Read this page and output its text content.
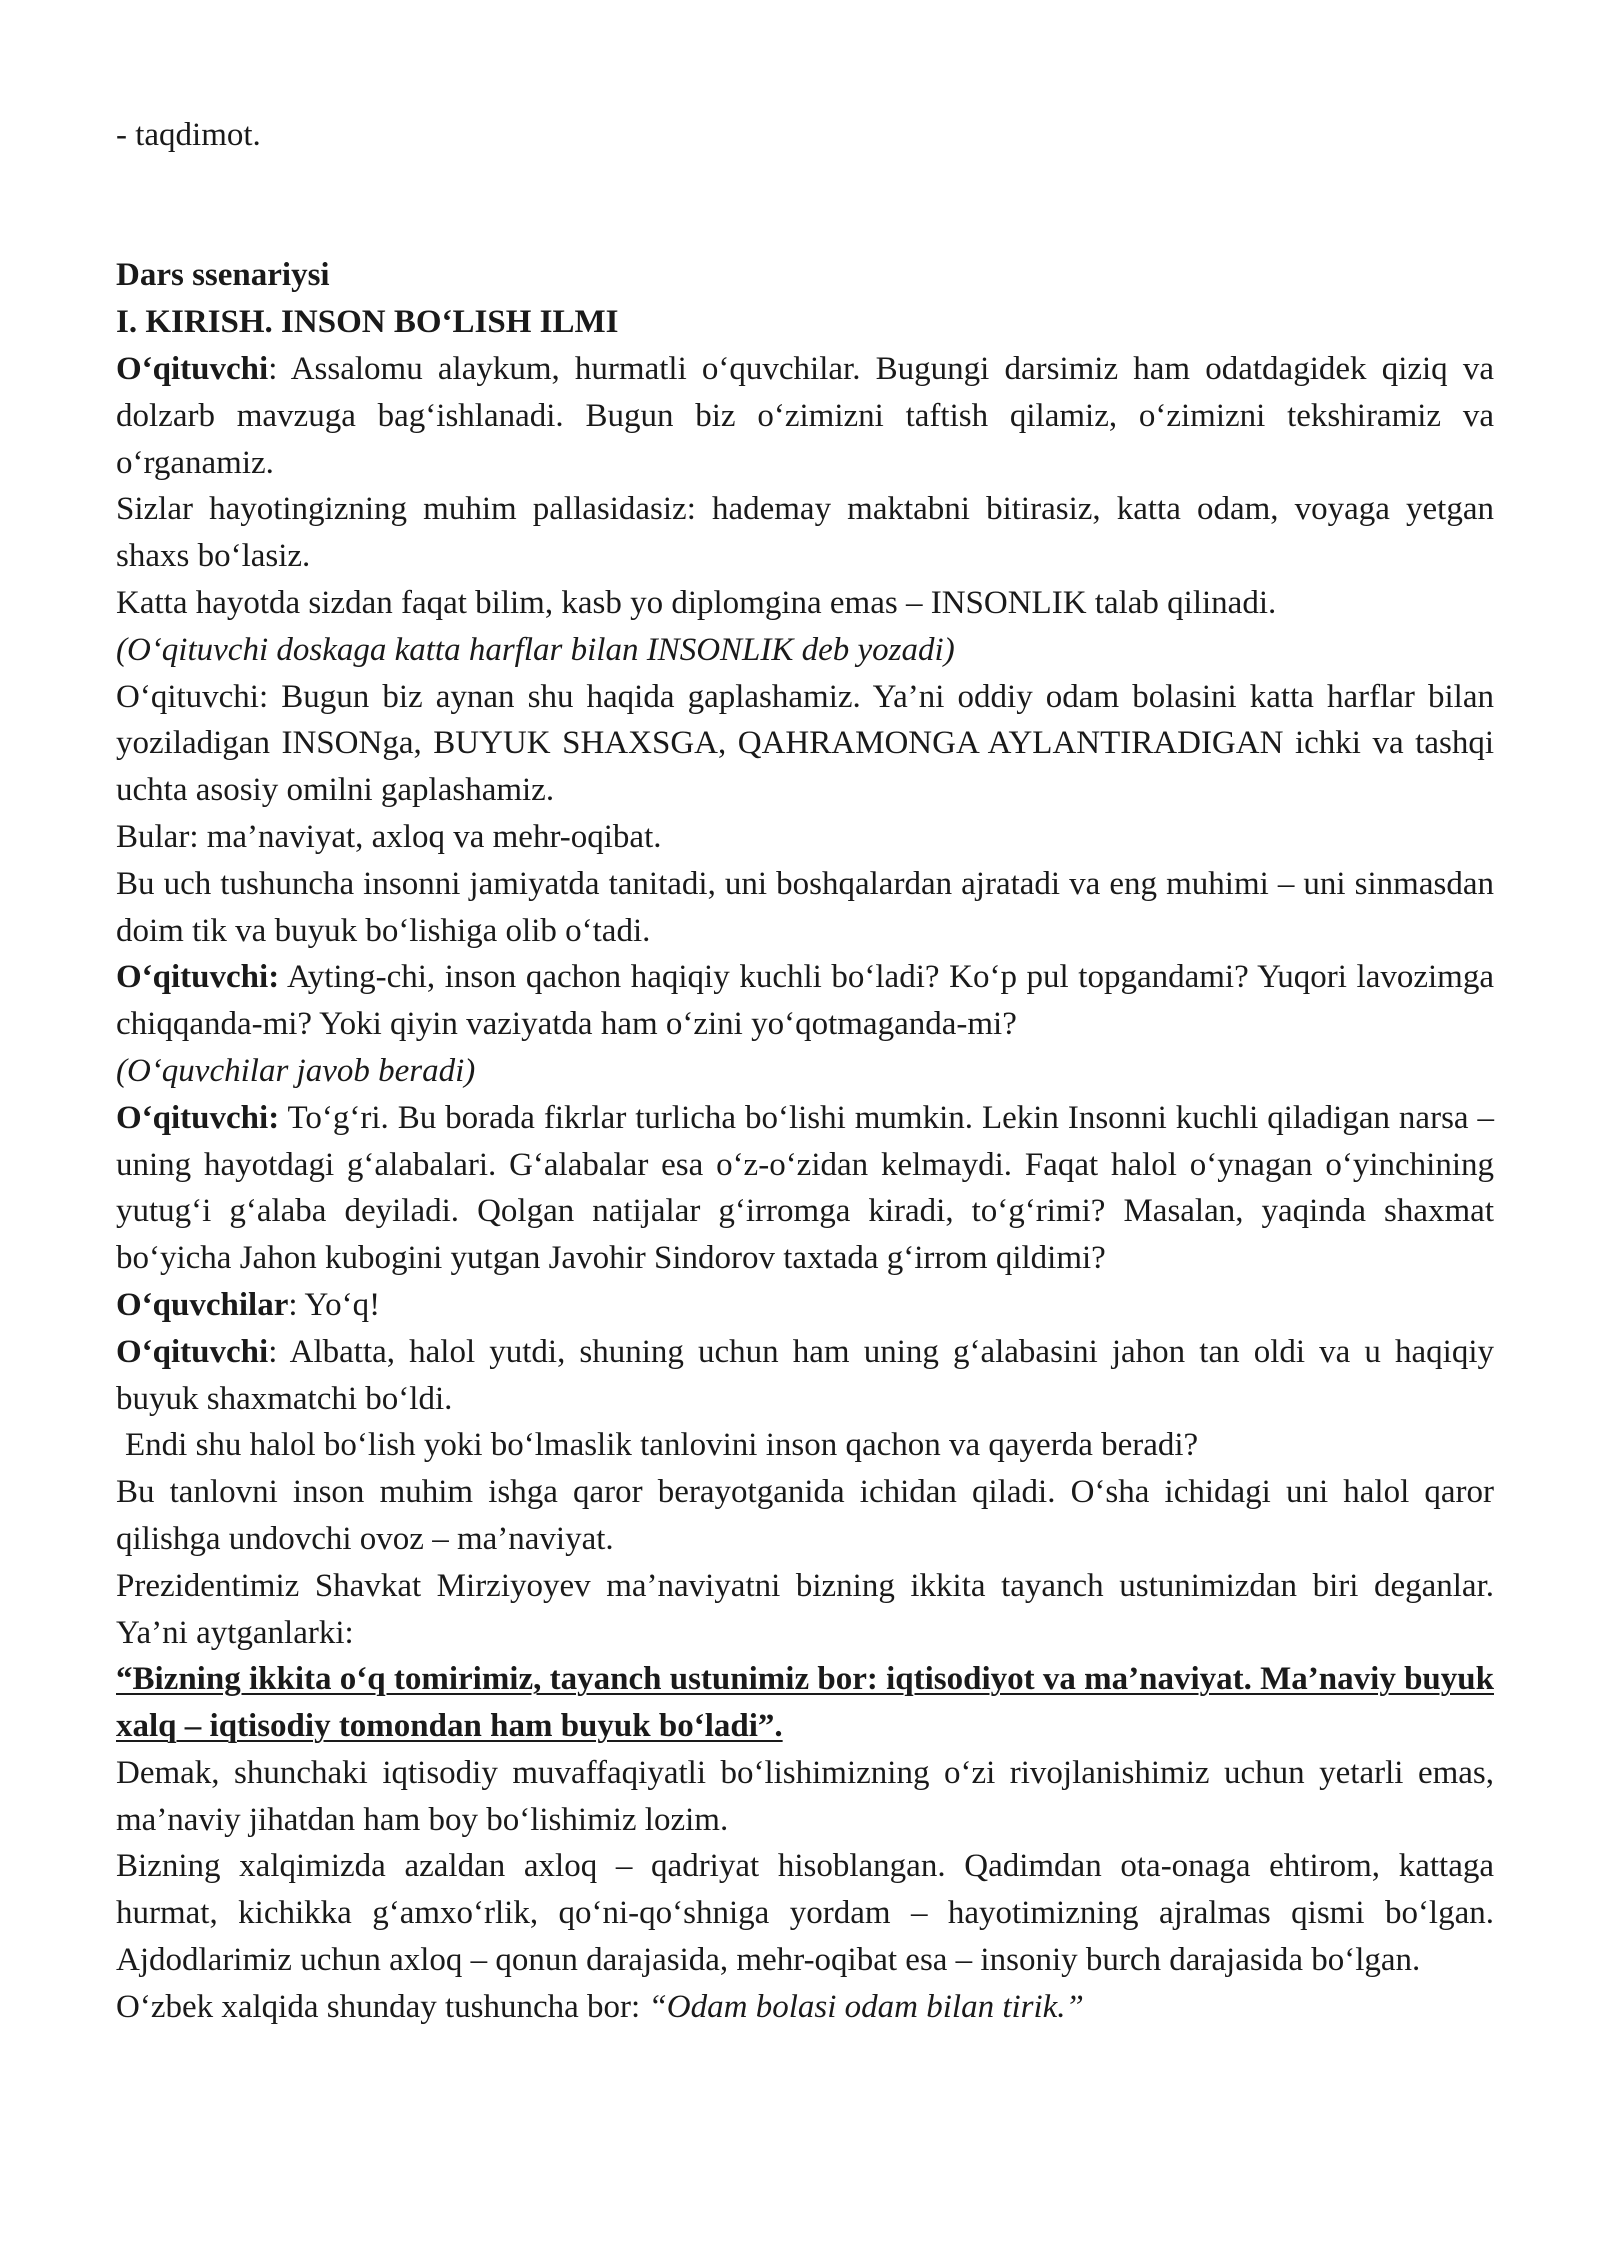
- taqdimot.

Dars ssenariysi

I. KIRISH. INSON BO‘LISH ILMI

O‘qituvchi: Assalomu alaykum, hurmatli o‘quvchilar. Bugungi darsimiz ham odatdagidek qiziq va dolzarb mavzuga bag‘ishlanadi. Bugun biz o‘zimizni taftish qilamiz, o‘zimizni tekshiramiz va o‘rganamiz.

Sizlar hayotingizning muhim pallasidasiz: hademay maktabni bitirasiz, katta odam, voyaga yetgan shaxs bo‘lasiz.

Katta hayotda sizdan faqat bilim, kasb yo diplomgina emas – INSONLIK talab qilinadi.

(O‘qituvchi doskaga katta harflar bilan INSONLIK deb yozadi)

O‘qituvchi: Bugun biz aynan shu haqida gaplashamiz. Ya’ni oddiy odam bolasini katta harflar bilan yoziladigan INSONga, BUYUK SHAXSGA, QAHRAMONGA AYLANTIRADIGAN ichki va tashqi uchta asosiy omilni gaplashamiz.

Bular: ma’naviyat, axloq va mehr-oqibat.

Bu uch tushuncha insonni jamiyatda tanitadi, uni boshqalardan ajratadi va eng muhimi – uni sinmasdan doim tik va buyuk bo‘lishiga olib o‘tadi.

O‘qituvchi: Ayting-chi, inson qachon haqiqiy kuchli bo‘ladi? Ko‘p pul topgandami? Yuqori lavozimga chiqqanda-mi? Yoki qiyin vaziyatda ham o‘zini yo‘qotmaganda-mi?

(O‘quvchilar javob beradi)

O‘qituvchi: To‘g‘ri. Bu borada fikrlar turlicha bo‘lishi mumkin. Lekin Insonni kuchli qiladigan narsa – uning hayotdagi g‘alabalari. G‘alabalar esa o‘z-o‘zidan kelmaydi. Faqat halol o‘ynagan o‘yinchining yutug‘i g‘alaba deyiladi. Qolgan natijalar g‘irromga kiradi, to‘g‘rimi? Masalan, yaqinda shaxmat bo‘yicha Jahon kubogini yutgan Javohir Sindorov taxtada g‘irrom qildimi?

O‘quvchilar: Yo‘q!

O‘qituvchi: Albatta, halol yutdi, shuning uchun ham uning g‘alabasini jahon tan oldi va u haqiqiy buyuk shaxmatchi bo‘ldi.

Endi shu halol bo‘lish yoki bo‘lmaslik tanlovini inson qachon va qayerda beradi?

Bu tanlovni inson muhim ishga qaror berayotganida ichidan qiladi. O‘sha ichidagi uni halol qaror qilishga undovchi ovoz – ma’naviyat.

Prezidentimiz Shavkat Mirziyoyev ma’naviyatni bizning ikkita tayanch ustunimizdan biri deganlar. Ya’ni aytganlarki:

“Bizning ikkita o‘q tomirimiz, tayanch ustunimiz bor: iqtisodiyot va ma’naviyat. Ma’naviy buyuk xalq – iqtisodiy tomondan ham buyuk bo‘ladi”.

Demak, shunchaki iqtisodiy muvaffaqiyatli bo‘lishimizning o‘zi rivojlanishimiz uchun yetarli emas, ma’naviy jihatdan ham boy bo‘lishimiz lozim.

Bizning xalqimizda azaldan axloq – qadriyat hisoblangan. Qadimdan ota-onaga ehtirom, kattaga hurmat, kichikka g‘amxo‘rlik, qo‘ni-qo‘shniga yordam – hayotimizning ajralmas qismi bo‘lgan. Ajdodlarimiz uchun axloq – qonun darajasida, mehr-oqibat esa – insoniy burch darajasida bo‘lgan.

O‘zbek xalqida shunday tushuncha bor: “Odam bolasi odam bilan tirik.”
